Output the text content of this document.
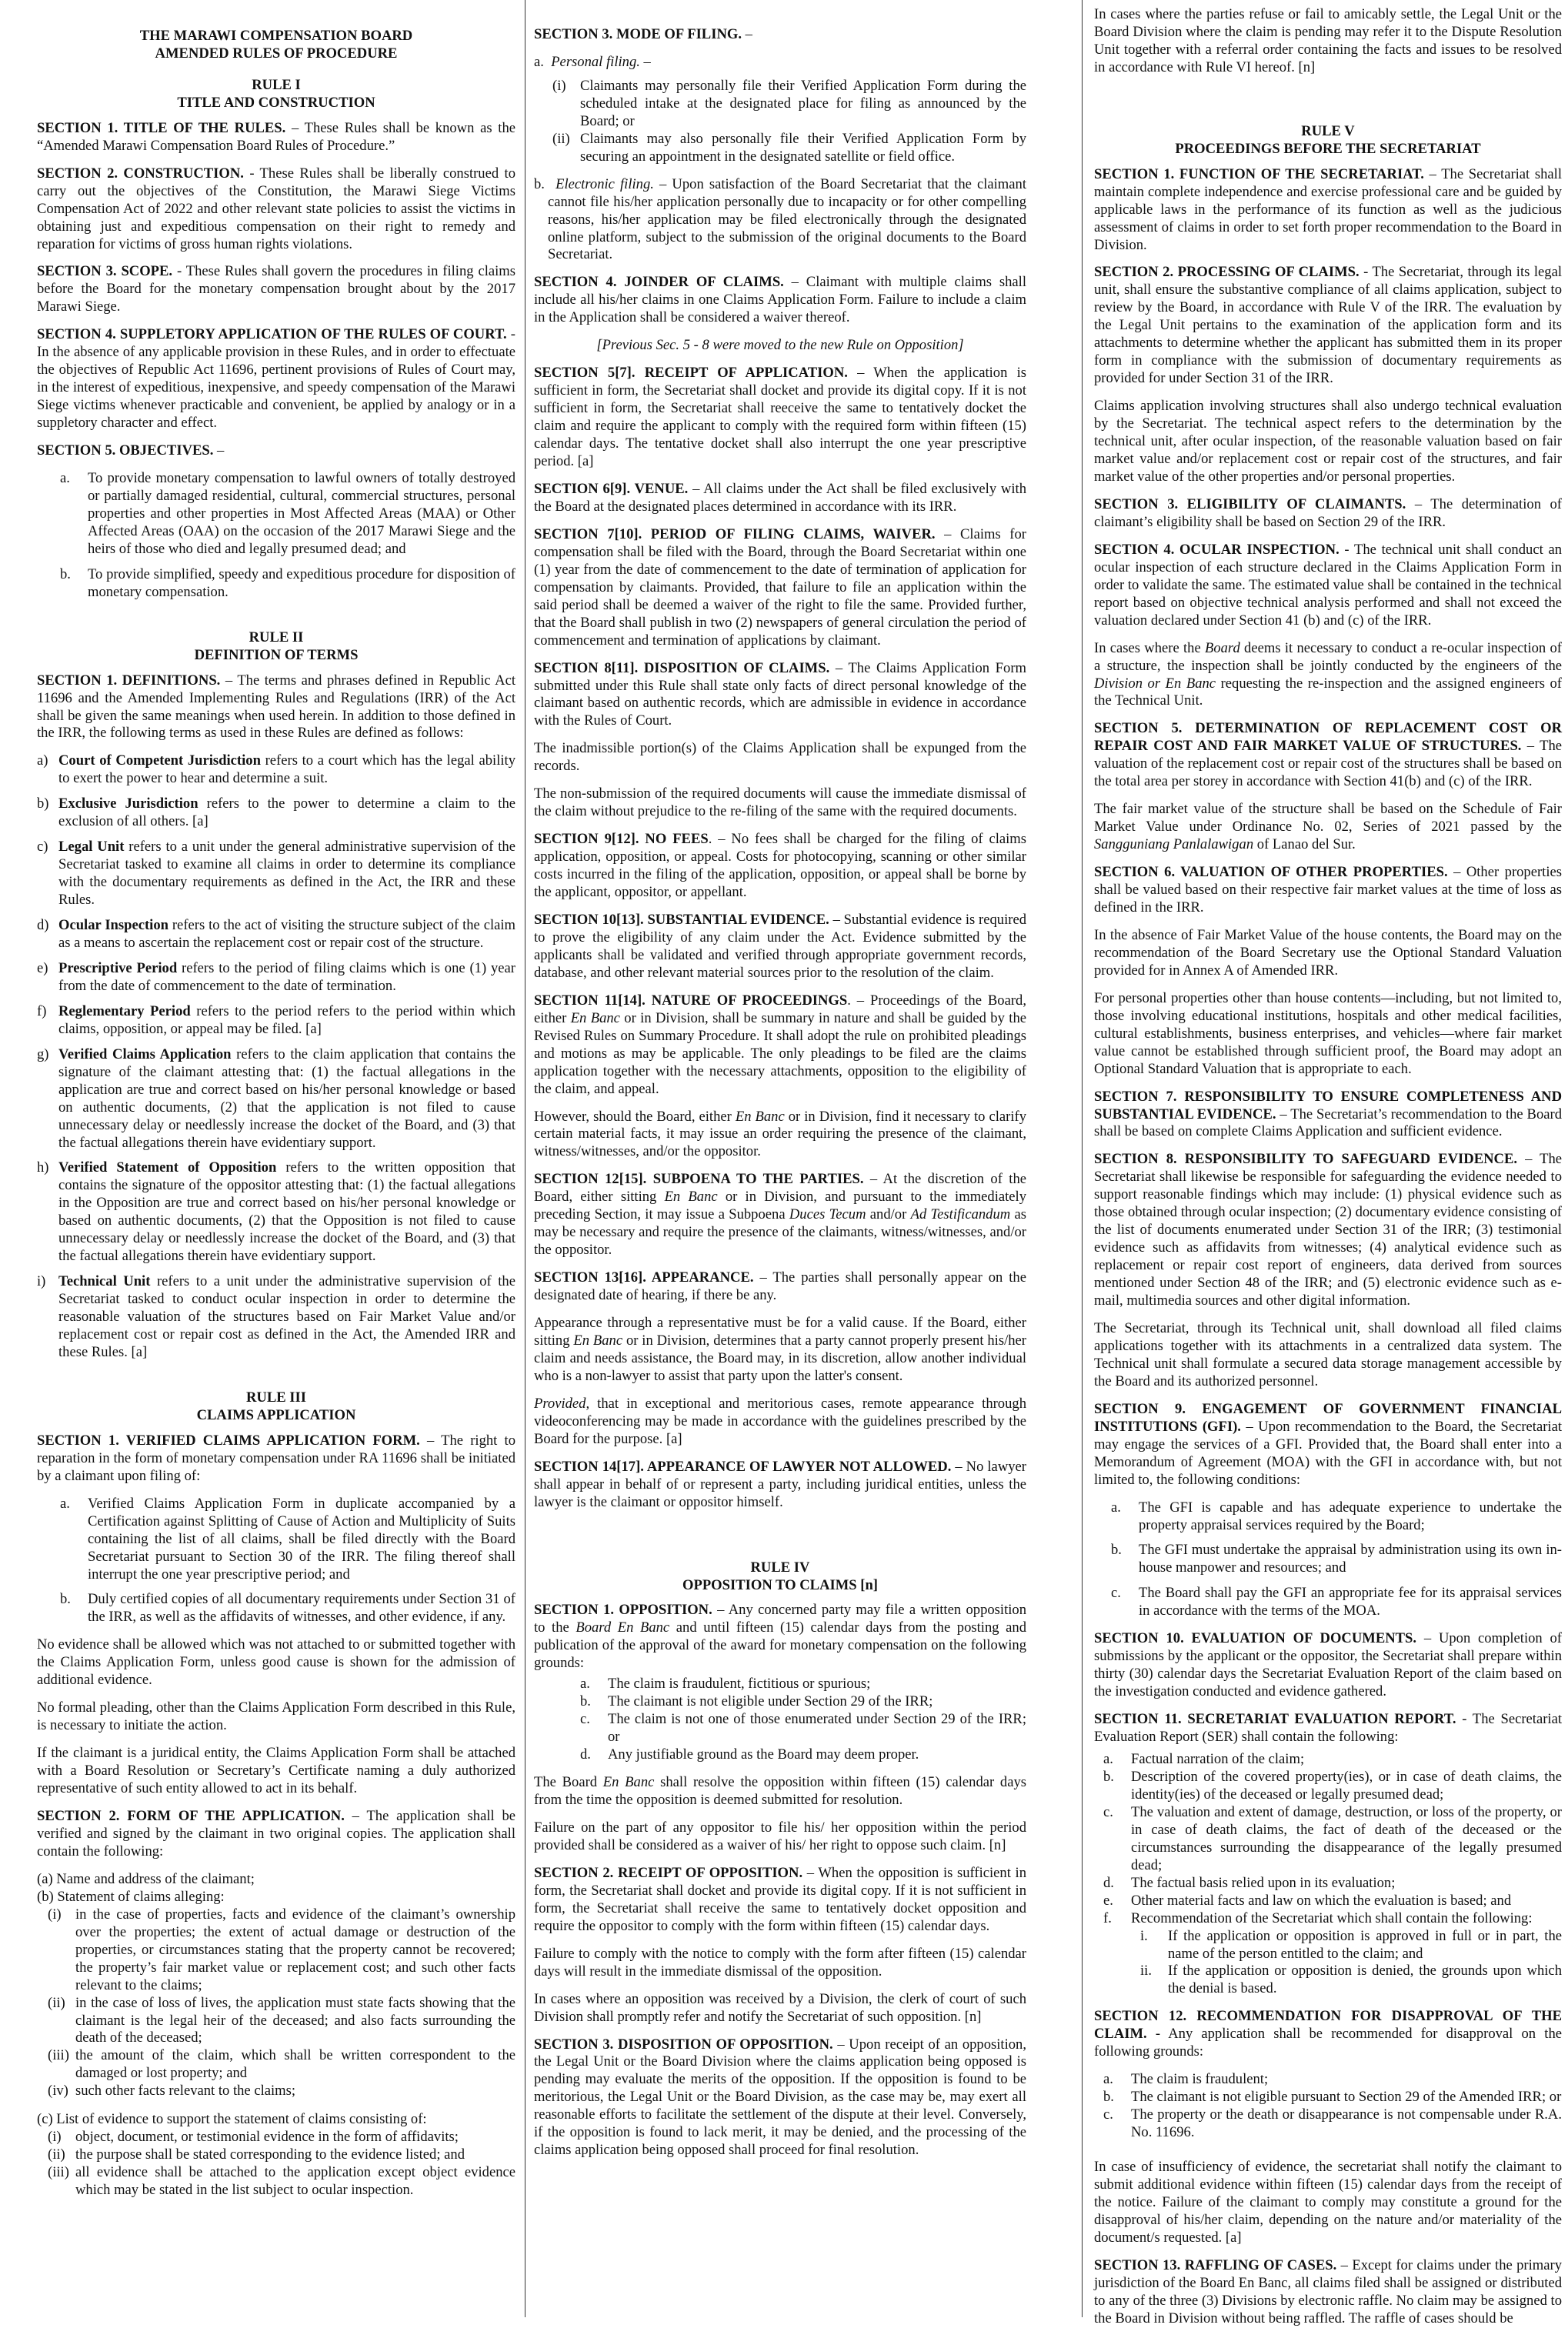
THE MARAWI COMPENSATION BOARD
AMENDED RULES OF PROCEDURE
RULE I
TITLE AND CONSTRUCTION

SECTION 1. TITLE OF THE RULES. – These Rules shall be known as the “Amended Marawi Compensation Board Rules of Procedure.”

SECTION 2. CONSTRUCTION. - These Rules shall be liberally construed to carry out the objectives of the Constitution, the Marawi Siege Victims Compensation Act of 2022 and other relevant state policies to assist the victims in obtaining just and expeditious compensation on their right to remedy and reparation for victims of gross human rights violations.

SECTION 3. SCOPE. - These Rules shall govern the procedures in filing claims before the Board for the monetary compensation brought about by the 2017 Marawi Siege.

SECTION 4. SUPPLETORY APPLICATION OF THE RULES OF COURT. - In the absence of any applicable provision in these Rules, and in order to effectuate the objectives of Republic Act 11696, pertinent provisions of Rules of Court may, in the interest of expeditious, inexpensive, and speedy compensation of the Marawi Siege victims whenever practicable and convenient, be applied by analogy or in a suppletory character and effect.

SECTION 5. OBJECTIVES. –

a. To provide monetary compensation to lawful owners of totally destroyed or partially damaged residential, cultural, commercial structures, personal properties and other properties in Most Affected Areas (MAA) or Other Affected Areas (OAA) on the occasion of the 2017 Marawi Siege and the heirs of those who died and legally presumed dead; and
b. To provide simplified, speedy and expeditious procedure for disposition of monetary compensation.
RULE II
DEFINITION OF TERMS

SECTION 1. DEFINITIONS. – The terms and phrases defined in Republic Act 11696 and the Amended Implementing Rules and Regulations (IRR) of the Act shall be given the same meanings when used herein. In addition to those defined in the IRR, the following terms as used in these Rules are defined as follows:

a) Court of Competent Jurisdiction refers to a court which has the legal ability to exert the power to hear and determine a suit.
b) Exclusive Jurisdiction refers to the power to determine a claim to the exclusion of all others. [a]
c) Legal Unit refers to a unit under the general administrative supervision of the Secretariat tasked to examine all claims in order to determine its compliance with the documentary requirements as defined in the Act, the IRR and these Rules.
d) Ocular Inspection refers to the act of visiting the structure subject of the claim as a means to ascertain the replacement cost or repair cost of the structure.
e) Prescriptive Period refers to the period of filing claims which is one (1) year from the date of commencement to the date of termination.
f) Reglementary Period refers to the period refers to the period within which claims, opposition, or appeal may be filed. [a]
g) Verified Claims Application refers to the claim application that contains the signature of the claimant attesting that: (1) the factual allegations in the application are true and correct based on his/her personal knowledge or based on authentic documents, (2) that the application is not filed to cause unnecessary delay or needlessly increase the docket of the Board, and (3) that the factual allegations therein have evidentiary support.
h) Verified Statement of Opposition refers to the written opposition that contains the signature of the oppositor attesting that: (1) the factual allegations in the Opposition are true and correct based on his/her personal knowledge or based on authentic documents, (2) that the Opposition is not filed to cause unnecessary delay or needlessly increase the docket of the Board, and (3) that the factual allegations therein have evidentiary support.
i) Technical Unit refers to a unit under the administrative supervision of the Secretariat tasked to conduct ocular inspection in order to determine the reasonable valuation of the structures based on Fair Market Value and/or replacement cost or repair cost as defined in the Act, the Amended IRR and these Rules. [a]
RULE III
CLAIMS APPLICATION

SECTION 1. VERIFIED CLAIMS APPLICATION FORM. – The right to reparation in the form of monetary compensation under RA 11696 shall be initiated by a claimant upon filing of:

a. Verified Claims Application Form in duplicate accompanied by a Certification against Splitting of Cause of Action and Multiplicity of Suits containing the list of all claims, shall be filed directly with the Board Secretariat pursuant to Section 30 of the IRR. The filing thereof shall interrupt the one year prescriptive period; and
b. Duly certified copies of all documentary requirements under Section 31 of the IRR, as well as the affidavits of witnesses, and other evidence, if any.

No evidence shall be allowed which was not attached to or submitted together with the Claims Application Form, unless good cause is shown for the admission of additional evidence.

No formal pleading, other than the Claims Application Form described in this Rule, is necessary to initiate the action.

If the claimant is a juridical entity, the Claims Application Form shall be attached with a Board Resolution or Secretary’s Certificate naming a duly authorized representative of such entity allowed to act in its behalf.

SECTION 2. FORM OF THE APPLICATION. – The application shall be verified and signed by the claimant in two original copies. The application shall contain the following:

(a) Name and address of the claimant;
(b) Statement of claims alleging:
(i) in the case of properties, facts and evidence of the claimant’s ownership over the properties; the extent of actual damage or destruction of the properties, or circumstances stating that the property cannot be recovered; the property’s fair market value or replacement cost; and such other facts relevant to the claims;
(ii) in the case of loss of lives, the application must state facts showing that the claimant is the legal heir of the deceased; and also facts surrounding the death of the deceased;
(iii) the amount of the claim, which shall be written correspondent to the damaged or lost property; and
(iv) such other facts relevant to the claims;
(c) List of evidence to support the statement of claims consisting of:
(i) object, document, or testimonial evidence in the form of affidavits;
(ii) the purpose shall be stated corresponding to the evidence listed; and
(iii) all evidence shall be attached to the application except object evidence which may be stated in the list subject to ocular inspection.

SECTION 3. MODE OF FILING. –

a.  Personal filing. –

(i) Claimants may personally file their Verified Application Form during the scheduled intake at the designated place for filing as announced by the Board; or
(ii) Claimants may also personally file their Verified Application Form by securing an appointment in the designated satellite or field office.

b.  Electronic filing. – Upon satisfaction of the Board Secretariat that the claimant cannot file his/her application personally due to incapacity or for other compelling reasons, his/her application may be filed electronically through the designated online platform, subject to the submission of the original documents to the Board Secretariat.

SECTION 4. JOINDER OF CLAIMS. – Claimant with multiple claims shall include all his/her claims in one Claims Application Form. Failure to include a claim in the Application shall be considered a waiver thereof.

[Previous Sec. 5 - 8 were moved to the new Rule on Opposition]

SECTION 5[7]. RECEIPT OF APPLICATION. – When the application is sufficient in form, the Secretariat shall docket and provide its digital copy. If it is not sufficient in form, the Secretariat shall reeceive the same to tentatively docket the claim and require the applicant to comply with the required form within fifteen (15) calendar days. The tentative docket shall also interrupt the one year prescriptive period. [a]

SECTION 6[9]. VENUE. – All claims under the Act shall be filed exclusively with the Board at the designated places determined in accordance with its IRR.

SECTION 7[10]. PERIOD OF FILING CLAIMS, WAIVER. – Claims for compensation shall be filed with the Board, through the Board Secretariat within one (1) year from the date of commencement to the date of termination of application for compensation by claimants. Provided, that failure to file an application within the said period shall be deemed a waiver of the right to file the same. Provided further, that the Board shall publish in two (2) newspapers of general circulation the period of commencement and termination of applications by claimant.

SECTION 8[11]. DISPOSITION OF CLAIMS. – The Claims Application Form submitted under this Rule shall state only facts of direct personal knowledge of the claimant based on authentic records, which are admissible in evidence in accordance with the Rules of Court.

The inadmissible portion(s) of the Claims Application shall be expunged from the records.

The non-submission of the required documents will cause the immediate dismissal of the claim without prejudice to the re-filing of the same with the required documents.

SECTION 9[12]. NO FEES. – No fees shall be charged for the filing of claims application, opposition, or appeal. Costs for photocopying, scanning or other similar costs incurred in the filing of the application, opposition, or appeal shall be borne by the applicant, oppositor, or appellant.

SECTION 10[13]. SUBSTANTIAL EVIDENCE. – Substantial evidence is required to prove the eligibility of any claim under the Act. Evidence submitted by the applicants shall be validated and verified through appropriate government records, database, and other relevant material sources prior to the resolution of the claim.

SECTION 11[14]. NATURE OF PROCEEDINGS. – Proceedings of the Board, either En Banc or in Division, shall be summary in nature and shall be guided by the Revised Rules on Summary Procedure. It shall adopt the rule on prohibited pleadings and motions as may be applicable. The only pleadings to be filed are the claims application together with the necessary attachments, opposition to the eligibility of the claim, and appeal.

However, should the Board, either En Banc or in Division, find it necessary to clarify certain material facts, it may issue an order requiring the presence of the claimant, witness/witnesses, and/or the oppositor.

SECTION 12[15]. SUBPOENA TO THE PARTIES. – At the discretion of the Board, either sitting En Banc or in Division, and pursuant to the immediately preceding Section, it may issue a Subpoena Duces Tecum and/or Ad Testificandum as may be necessary and require the presence of the claimants, witness/witnesses, and/or the oppositor.

SECTION 13[16]. APPEARANCE. – The parties shall personally appear on the designated date of hearing, if there be any.

Appearance through a representative must be for a valid cause. If the Board, either sitting En Banc or in Division, determines that a party cannot properly present his/her claim and needs assistance, the Board may, in its discretion, allow another individual who is a non-lawyer to assist that party upon the latter's consent.

Provided, that in exceptional and meritorious cases, remote appearance through videoconferencing may be made in accordance with the guidelines prescribed by the Board for the purpose. [a]

SECTION 14[17]. APPEARANCE OF LAWYER NOT ALLOWED. – No lawyer shall appear in behalf of or represent a party, including juridical entities, unless the lawyer is the claimant or oppositor himself.

RULE IV
OPPOSITION TO CLAIMS [n]

SECTION 1. OPPOSITION. – Any concerned party may file a written opposition to the Board En Banc and until fifteen (15) calendar days from the posting and publication of the approval of the award for monetary compensation on the following grounds:

a. The claim is fraudulent, fictitious or spurious;
b. The claimant is not eligible under Section 29 of the IRR;
c. The claim is not one of those enumerated under Section 29 of the IRR; or
d. Any justifiable ground as the Board may deem proper.

The Board En Banc shall resolve the opposition within fifteen (15) calendar days from the time the opposition is deemed submitted for resolution.

Failure on the part of any oppositor to file his/ her opposition within the period provided shall be considered as a waiver of his/ her right to oppose such claim. [n]

SECTION 2. RECEIPT OF OPPOSITION. – When the opposition is sufficient in form, the Secretariat shall docket and provide its digital copy. If it is not sufficient in form, the Secretariat shall receive the same to tentatively docket opposition and require the oppositor to comply with the form within fifteen (15) calendar days.

Failure to comply with the notice to comply with the form after fifteen (15) calendar days will result in the immediate dismissal of the opposition.

In cases where an opposition was received by a Division, the clerk of court of such Division shall promptly refer and notify the Secretariat of such opposition. [n]

SECTION 3. DISPOSITION OF OPPOSITION. – Upon receipt of an opposition, the Legal Unit or the Board Division where the claims application being opposed is pending may evaluate the merits of the opposition. If the opposition is found to be meritorious, the Legal Unit or the Board Division, as the case may be, may exert all reasonable efforts to facilitate the settlement of the dispute at their level. Conversely, if the opposition is found to lack merit, it may be denied, and the processing of the claims application being opposed shall proceed for final resolution.

In cases where the parties refuse or fail to amicably settle, the Legal Unit or the Board Division where the claim is pending may refer it to the Dispute Resolution Unit together with a referral order containing the facts and issues to be resolved in accordance with Rule VI hereof. [n]

RULE V
PROCEEDINGS BEFORE THE SECRETARIAT

SECTION 1. FUNCTION OF THE SECRETARIAT. – The Secretariat shall maintain complete independence and exercise professional care and be guided by applicable laws in the performance of its function as well as the judicious assessment of claims in order to set forth proper recommendation to the Board in Division.

SECTION 2. PROCESSING OF CLAIMS. - The Secretariat, through its legal unit, shall ensure the substantive compliance of all claims application, subject to review by the Board, in accordance with Rule V of the IRR. The evaluation by the Legal Unit pertains to the examination of the application form and its attachments to determine whether the applicant has submitted them in its proper form in compliance with the submission of documentary requirements as provided for under Section 31 of the IRR.

Claims application involving structures shall also undergo technical evaluation by the Secretariat. The technical aspect refers to the determination by the technical unit, after ocular inspection, of the reasonable valuation based on fair market value and/or replacement cost or repair cost of the structures, and fair market value of the other properties and/or personal properties.

SECTION 3. ELIGIBILITY OF CLAIMANTS. – The determination of claimant’s eligibility shall be based on Section 29 of the IRR.

SECTION 4. OCULAR INSPECTION. - The technical unit shall conduct an ocular inspection of each structure declared in the Claims Application Form in order to validate the same. The estimated value shall be contained in the technical report based on objective technical analysis performed and shall not exceed the valuation declared under Section 41 (b) and (c) of the IRR.

In cases where the Board deems it necessary to conduct a re-ocular inspection of a structure, the inspection shall be jointly conducted by the engineers of the Division or En Banc requesting the re-inspection and the assigned engineers of the Technical Unit.

SECTION 5. DETERMINATION OF REPLACEMENT COST OR REPAIR COST AND FAIR MARKET VALUE OF STRUCTURES. – The valuation of the replacement cost or repair cost of the structures shall be based on the total area per storey in accordance with Section 41(b) and (c) of the IRR.

The fair market value of the structure shall be based on the Schedule of Fair Market Value under Ordinance No. 02, Series of 2021 passed by the Sangguniang Panlalawigan of Lanao del Sur.

SECTION 6. VALUATION OF OTHER PROPERTIES. – Other properties shall be valued based on their respective fair market values at the time of loss as defined in the IRR.

In the absence of Fair Market Value of the house contents, the Board may on the recommendation of the Board Secretary use the Optional Standard Valuation provided for in Annex A of Amended IRR.

For personal properties other than house contents—including, but not limited to, those involving educational institutions, hospitals and other medical facilities, cultural establishments, business enterprises, and vehicles—where fair market value cannot be established through sufficient proof, the Board may adopt an Optional Standard Valuation that is appropriate to each.

SECTION 7. RESPONSIBILITY TO ENSURE COMPLETENESS AND SUBSTANTIAL EVIDENCE. – The Secretariat’s recommendation to the Board shall be based on complete Claims Application and sufficient evidence.

SECTION 8. RESPONSIBILITY TO SAFEGUARD EVIDENCE. – The Secretariat shall likewise be responsible for safeguarding the evidence needed to support reasonable findings which may include: (1) physical evidence such as those obtained through ocular inspection; (2) documentary evidence consisting of the list of documents enumerated under Section 31 of the IRR; (3) testimonial evidence such as affidavits from witnesses; (4) analytical evidence such as replacement or repair cost report of engineers, data derived from sources mentioned under Section 48 of the IRR; and (5) electronic evidence such as e-mail, multimedia sources and other digital information.

The Secretariat, through its Technical unit, shall download all filed claims applications together with its attachments in a centralized data system. The Technical unit shall formulate a secured data storage management accessible by the Board and its authorized personnel.

SECTION 9. ENGAGEMENT OF GOVERNMENT FINANCIAL INSTITUTIONS (GFI). – Upon recommendation to the Board, the Secretariat may engage the services of a GFI. Provided that, the Board shall enter into a Memorandum of Agreement (MOA) with the GFI in accordance with, but not limited to, the following conditions:

a. The GFI is capable and has adequate experience to undertake the property appraisal services required by the Board;
b. The GFI must undertake the appraisal by administration using its own in-house manpower and resources; and
c. The Board shall pay the GFI an appropriate fee for its appraisal services in accordance with the terms of the MOA.

SECTION 10. EVALUATION OF DOCUMENTS. – Upon completion of submissions by the applicant or the oppositor, the Secretariat shall prepare within thirty (30) calendar days the Secretariat Evaluation Report of the claim based on the investigation conducted and evidence gathered.

SECTION 11. SECRETARIAT EVALUATION REPORT. - The Secretariat Evaluation Report (SER) shall contain the following:

a. Factual narration of the claim;
b. Description of the covered property(ies), or in case of death claims, the identity(ies) of the deceased or legally presumed dead;
c. The valuation and extent of damage, destruction, or loss of the property, or in case of death claims, the fact of death of the deceased or the circumstances surrounding the disappearance of the legally presumed dead;
d. The factual basis relied upon in its evaluation;
e. Other material facts and law on which the evaluation is based; and
f. Recommendation of the Secretariat which shall contain the following:
i. If the application or opposition is approved in full or in part, the name of the person entitled to the claim; and
ii. If the application or opposition is denied, the grounds upon which the denial is based.

SECTION 12. RECOMMENDATION FOR DISAPPROVAL OF THE CLAIM. - Any application shall be recommended for disapproval on the following grounds:

a. The claim is fraudulent;
b. The claimant is not eligible pursuant to Section 29 of the Amended IRR; or
c. The property or the death or disappearance is not compensable under R.A. No. 11696.

In case of insufficiency of evidence, the secretariat shall notify the claimant to submit additional evidence within fifteen (15) calendar days from the receipt of the notice. Failure of the claimant to comply may constitute a ground for the disapproval of his/her claim, depending on the nature and/or materiality of the document/s requested. [a]

SECTION 13. RAFFLING OF CASES. – Except for claims under the primary jurisdiction of the Board En Banc, all claims filed shall be assigned or distributed to any of the three (3) Divisions by electronic raffle. No claim may be assigned to the Board in Division without being raffled. The raffle of cases should be
